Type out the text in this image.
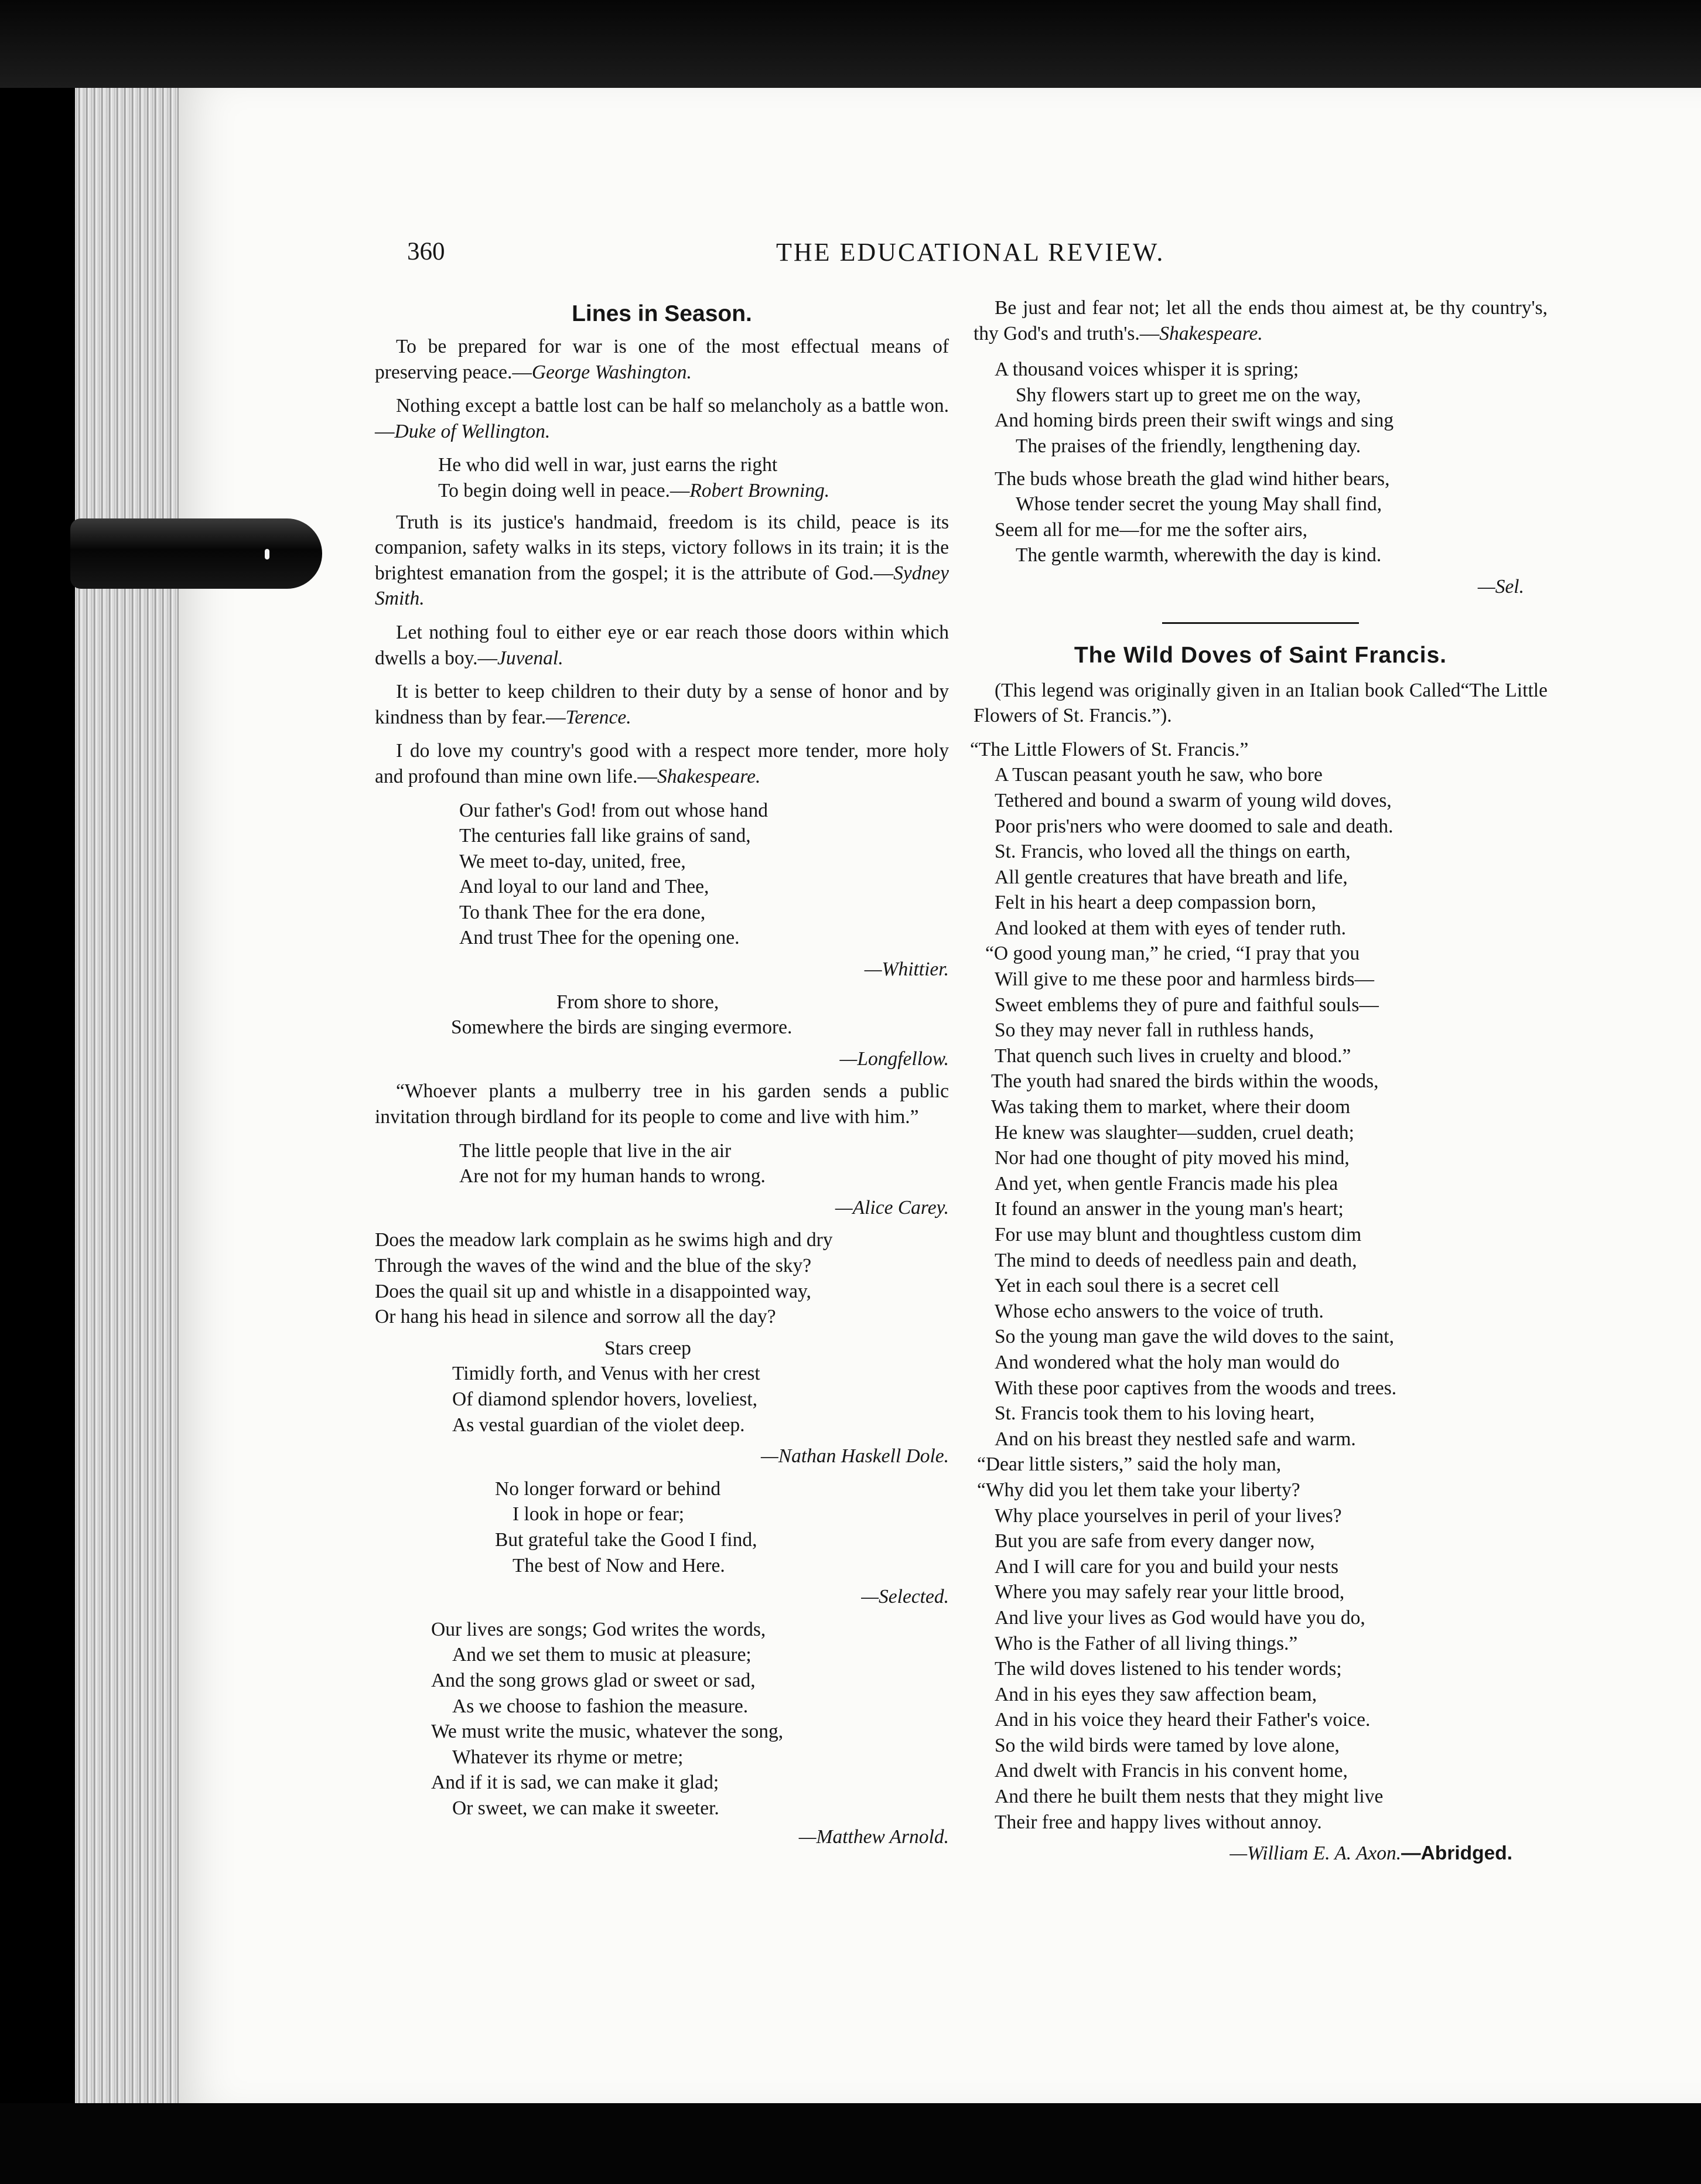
360	THE EDUCATIONAL REVIEW.
Lines in Season.

To be prepared for war is one of the most effectual means of preserving peace.—George Washington.

Nothing except a battle lost can be half so melancholy as a battle won.—Duke of Wellington.

He who did well in war, just earns the right
To begin doing well in peace.—Robert Browning.

Truth is its justice's handmaid, freedom is its child, peace is its companion, safety walks in its steps, victory follows in its train; it is the brightest emanation from the gospel; it is the attribute of God.—Sydney Smith.

Let nothing foul to either eye or ear reach those doors within which dwells a boy.—Juvenal.

It is better to keep children to their duty by a sense of honor and by kindness than by fear.—Terence.

I do love my country's good with a respect more tender, more holy and profound than mine own life.—Shakespeare.

Our father's God! from out whose hand
The centuries fall like grains of sand,
We meet to-day, united, free,
And loyal to our land and Thee,
To thank Thee for the era done,
And trust Thee for the opening one.
—Whittier.
From shore to shore,
Somewhere the birds are singing evermore.
—Longfellow.

“Whoever plants a mulberry tree in his garden sends a public invitation through birdland for its people to come and live with him.”

The little people that live in the air
Are not for my human hands to wrong.
—Alice Carey.
Does the meadow lark complain as he swims high and dry
Through the waves of the wind and the blue of the sky?
Does the quail sit up and whistle in a disappointed way,
Or hang his head in silence and sorrow all the day?
Stars creep
Timidly forth, and Venus with her crest
Of diamond splendor hovers, loveliest,
As vestal guardian of the violet deep.
—Nathan Haskell Dole.
No longer forward or behind
I look in hope or fear;
But grateful take the Good I find,
The best of Now and Here.
—Selected.
Our lives are songs; God writes the words,
And we set them to music at pleasure;
And the song grows glad or sweet or sad,
As we choose to fashion the measure.
We must write the music, whatever the song,
Whatever its rhyme or metre;
And if it is sad, we can make it glad;
Or sweet, we can make it sweeter.
—Matthew Arnold.

Be just and fear not; let all the ends thou aimest at, be thy country's, thy God's and truth's.—Shakespeare.

A thousand voices whisper it is spring;
Shy flowers start up to greet me on the way,
And homing birds preen their swift wings and sing
The praises of the friendly, lengthening day.
The buds whose breath the glad wind hither bears,
Whose tender secret the young May shall find,
Seem all for me—for me the softer airs,
The gentle warmth, wherewith the day is kind.
—Sel.
The Wild Doves of Saint Francis.

(This legend was originally given in an Italian book Called“The Little Flowers of St. Francis.”).

“The Little Flowers of St. Francis.”
A Tuscan peasant youth he saw, who bore
Tethered and bound a swarm of young wild doves,
Poor pris'ners who were doomed to sale and death.
St. Francis, who loved all the things on earth,
All gentle creatures that have breath and life,
Felt in his heart a deep compassion born,
And looked at them with eyes of tender ruth.
“O good young man,” he cried, “I pray that you
Will give to me these poor and harmless birds—
Sweet emblems they of pure and faithful souls—
So they may never fall in ruthless hands,
That quench such lives in cruelty and blood.”
The youth had snared the birds within the woods,
Was taking them to market, where their doom
He knew was slaughter—sudden, cruel death;
Nor had one thought of pity moved his mind,
And yet, when gentle Francis made his plea
It found an answer in the young man's heart;
For use may blunt and thoughtless custom dim
The mind to deeds of needless pain and death,
Yet in each soul there is a secret cell
Whose echo answers to the voice of truth.
So the young man gave the wild doves to the saint,
And wondered what the holy man would do
With these poor captives from the woods and trees.
St. Francis took them to his loving heart,
And on his breast they nestled safe and warm.
“Dear little sisters,” said the holy man,
“Why did you let them take your liberty?
Why place yourselves in peril of your lives?
But you are safe from every danger now,
And I will care for you and build your nests
Where you may safely rear your little brood,
And live your lives as God would have you do,
Who is the Father of all living things.”
The wild doves listened to his tender words;
And in his eyes they saw affection beam,
And in his voice they heard their Father's voice.
So the wild birds were tamed by love alone,
And dwelt with Francis in his convent home,
And there he built them nests that they might live
Their free and happy lives without annoy.
—William E. A. Axon.—Abridged.
